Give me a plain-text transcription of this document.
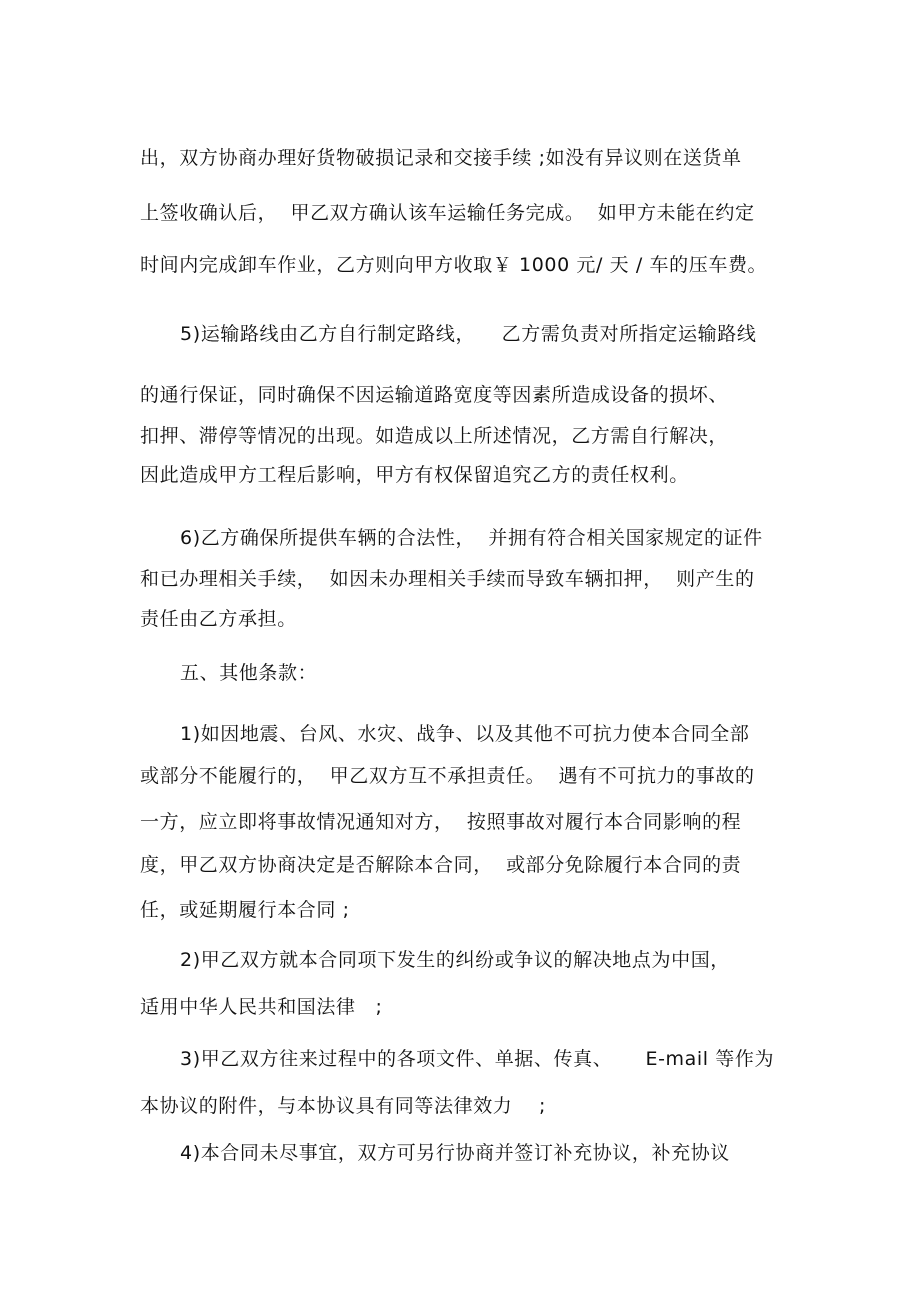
出，双方协商办理好货物破损记录和交接手续 ;如没有异议则在送货单
上签收确认后，  甲乙双方确认该车运输任务完成。  如甲方未能在约定
时间内完成卸车作业，乙方则向甲方收取￥ 1000 元/ 天 / 车的压车费。
5)运输路线由乙方自行制定路线，    乙方需负责对所指定运输路线
的通行保证，同时确保不因运输道路宽度等因素所造成设备的损坏、
扣押、滞停等情况的出现。如造成以上所述情况，乙方需自行解决，
因此造成甲方工程后影响，甲方有权保留追究乙方的责任权利。
6)乙方确保所提供车辆的合法性，  并拥有符合相关国家规定的证件
和已办理相关手续，  如因未办理相关手续而导致车辆扣押，  则产生的
责任由乙方承担。
五、其他条款：
1)如因地震、台风、水灾、战争、以及其他不可抗力使本合同全部
或部分不能履行的，  甲乙双方互不承担责任。  遇有不可抗力的事故的
一方，应立即将事故情况通知对方，  按照事故对履行本合同影响的程
度，甲乙双方协商决定是否解除本合同，  或部分免除履行本合同的责
任，或延期履行本合同 ;
2)甲乙双方就本合同项下发生的纠纷或争议的解决地点为中国，
适用中华人民共和国法律   ;
3)甲乙双方往来过程中的各项文件、单据、传真、     E-mail 等作为
本协议的附件，与本协议具有同等法律效力    ;
4)本合同未尽事宜，双方可另行协商并签订补充协议，补充协议
